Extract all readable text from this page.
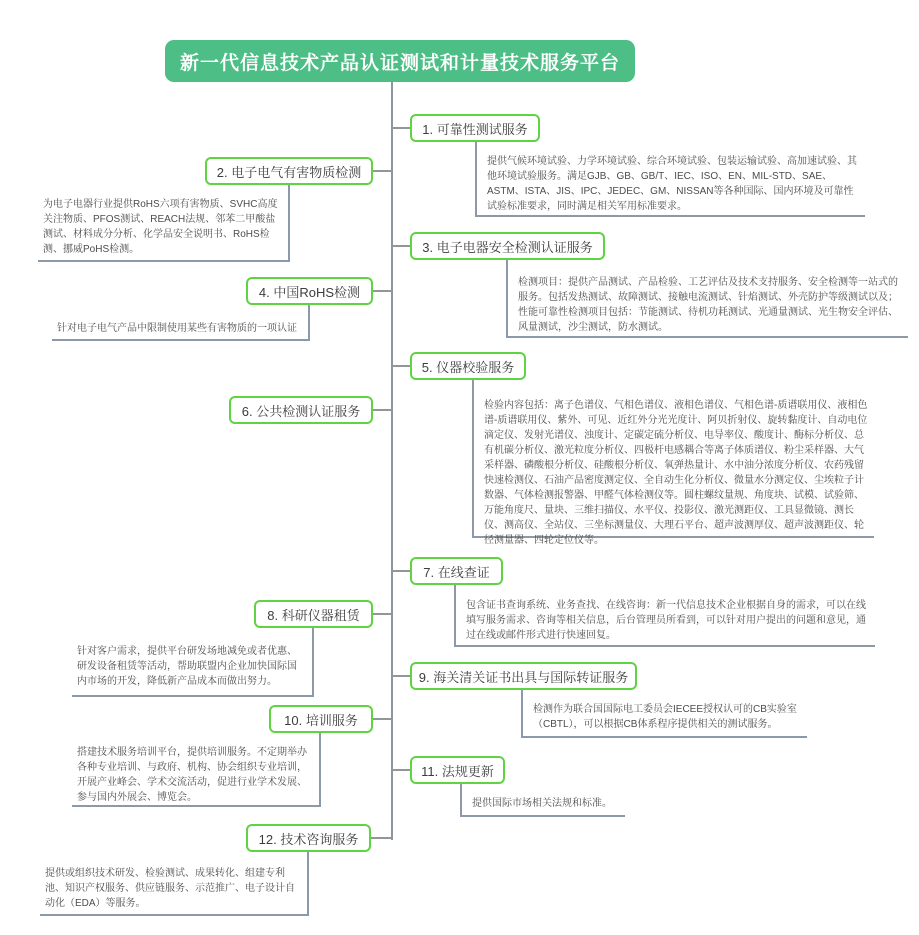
新一代信息技术产品认证测试和计量技术服务平台
1. 可靠性测试服务
2. 电子电气有害物质检测
3. 电子电器安全检测认证服务
4. 中国RoHS检测
5. 仪器校验服务
6. 公共检测认证服务
7. 在线查证
8. 科研仪器租赁
9. 海关清关证书出具与国际转证服务
10. 培训服务
11. 法规更新
12. 技术咨询服务
提供气候环境试验、力学环境试验、综合环境试验、包装运输试验、高加速试验、其他环境试验服务。满足GJB、GB、GB/T、IEC、ISO、EN、MIL-STD、SAE、ASTM、ISTA、JIS、IPC、JEDEC、GM、NISSAN等各种国际、国内环境及可靠性试验标准要求，同时满足相关军用标准要求。
检测项目：提供产品测试、产品检验、工艺评估及技术支持服务、安全检测等一站式的服务。包括发热测试、故障测试、接触电流测试、针焰测试、外壳防护等级测试以及；性能可靠性检测项目包括：节能测试、待机功耗测试、光通量测试、光生物安全评估、风量测试，沙尘测试，防水测试。
检验内容包括：离子色谱仪、气相色谱仪、液相色谱仪、气相色谱-质谱联用仪、液相色谱-质谱联用仪、紫外、可见、近红外分光光度计、阿贝折射仪、旋转黏度计、自动电位滴定仪、发射光谱仪、浊度计、定碳定硫分析仪、电导率仪、酸度计、酶标分析仪、总有机碳分析仪、激光粒度分析仪、四极杆电感耦合等离子体质谱仪、粉尘采样器、大气采样器、磷酸根分析仪、硅酸根分析仪、氧弹热量计、水中油分浓度分析仪、农药残留快速检测仪、石油产品密度测定仪、全自动生化分析仪、微量水分测定仪、尘埃粒子计数器、气体检测报警器、甲醛气体检测仪等。圆柱螺纹量规、角度块、试模、试验筛、万能角度尺、量块、三维扫描仪、水平仪、投影仪、激光测距仪、工具显微镜、测长仪、测高仪、全站仪、三坐标测量仪、大理石平台、超声波测厚仪、超声波测距仪、轮径测量器、四轮定位仪等。
包含证书查询系统、业务查找、在线咨询：新一代信息技术企业根据自身的需求，可以在线填写服务需求、咨询等相关信息，后台管理员所看到，可以针对用户提出的问题和意见，通过在线或邮件形式进行快速回复。
检测作为联合国国际电工委员会IECEE授权认可的CB实验室（CBTL），可以根据CB体系程序提供相关的测试服务。
提供国际市场相关法规和标准。
为电子电器行业提供RoHS六项有害物质、SVHC高度关注物质、PFOS测试、REACH法规、邻苯二甲酸盐测试、材料成分分析、化学品安全说明书、RoHS检测、挪威PoHS检测。
针对电子电气产品中限制使用某些有害物质的一项认证
针对客户需求，提供平台研发场地减免或者优惠、研发设备租赁等活动，帮助联盟内企业加快国际国内市场的开发，降低新产品成本而做出努力。
搭建技术服务培训平台，提供培训服务。不定期举办各种专业培训、与政府、机构、协会组织专业培训，开展产业峰会、学术交流活动，促进行业学术发展、参与国内外展会、博览会。
提供或组织技术研发、检验测试、成果转化、组建专利池、知识产权服务、供应链服务、示范推广、电子设计自动化（EDA）等服务。
